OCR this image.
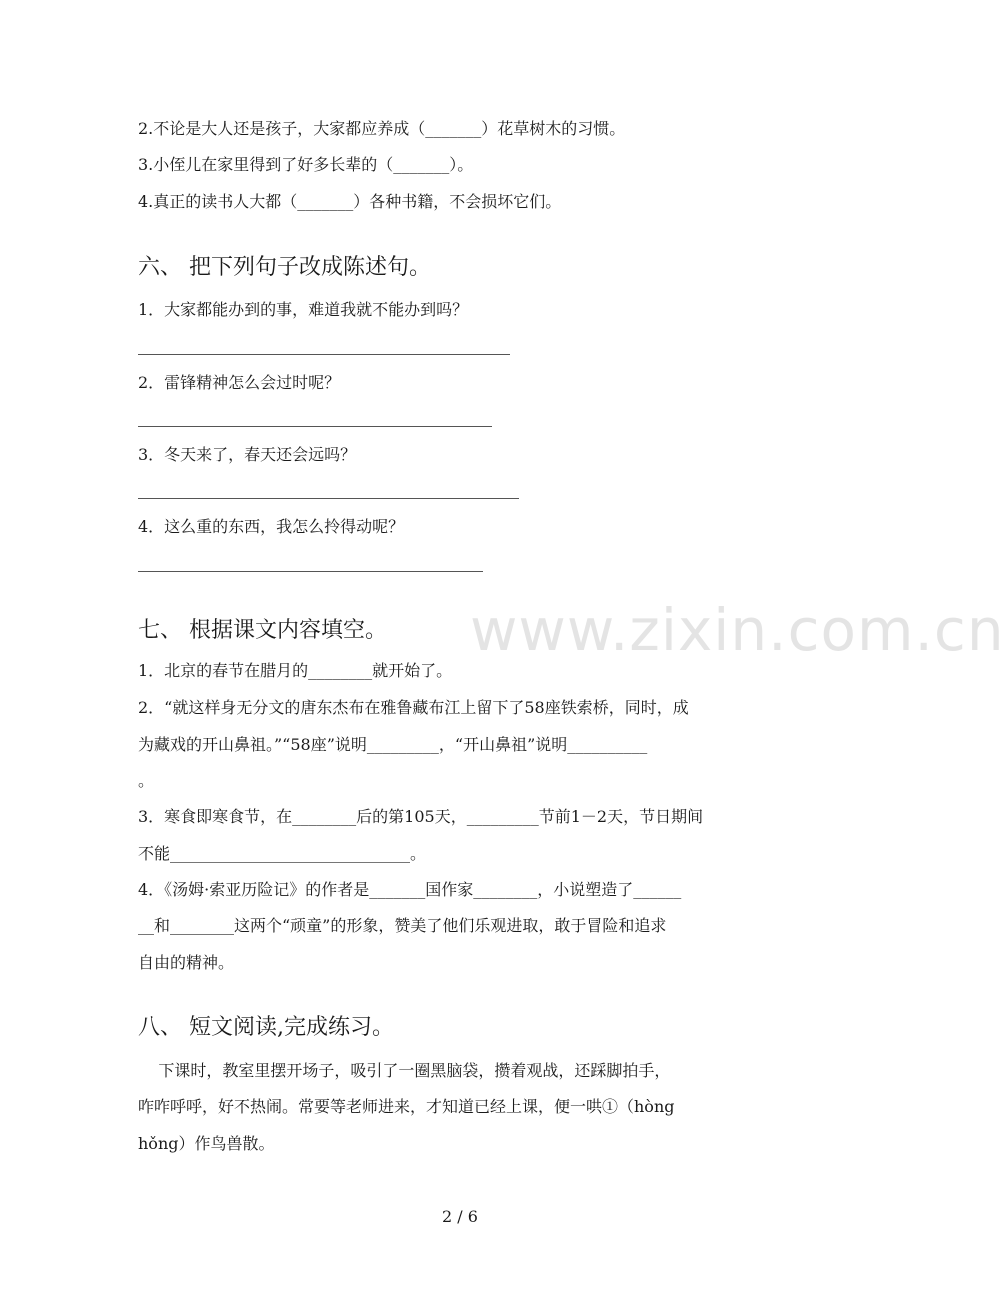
2.不论是大人还是孩子，大家都应养成（_______）花草树木的习惯。

3.小侄儿在家里得到了好多长辈的（_______）。

4.真正的读书人大都（_______）各种书籍，不会损坏它们。

六、 把下列句子改成陈述句。

1．大家都能办到的事，难道我就不能办到吗？

2．雷锋精神怎么会过时呢？

3．冬天来了，春天还会远吗？

4．这么重的东西，我怎么拎得动呢？

www.zixin.com.cn
七、 根据课文内容填空。

1．北京的春节在腊月的________就开始了。

2．“就这样身无分文的唐东杰布在雅鲁藏布江上留下了58座铁索桥，同时，成

为藏戏的开山鼻祖。”“58座”说明_________，“开山鼻祖”说明__________

。

3．寒食即寒食节，在________后的第105天，_________节前1－2天，节日期间

不能______________________________。

4．《汤姆·索亚历险记》的作者是_______国作家________，小说塑造了______

__和________这两个“顽童”的形象，赞美了他们乐观进取，敢于冒险和追求

自由的精神。

八、 短文阅读,完成练习。

下课时，教室里摆开场子，吸引了一圈黑脑袋，攒着观战，还踩脚拍手，

咋咋呼呼，好不热闹。常要等老师进来，才知道已经上课，便一哄①（hòng

hǒng）作鸟兽散。

2 / 6
